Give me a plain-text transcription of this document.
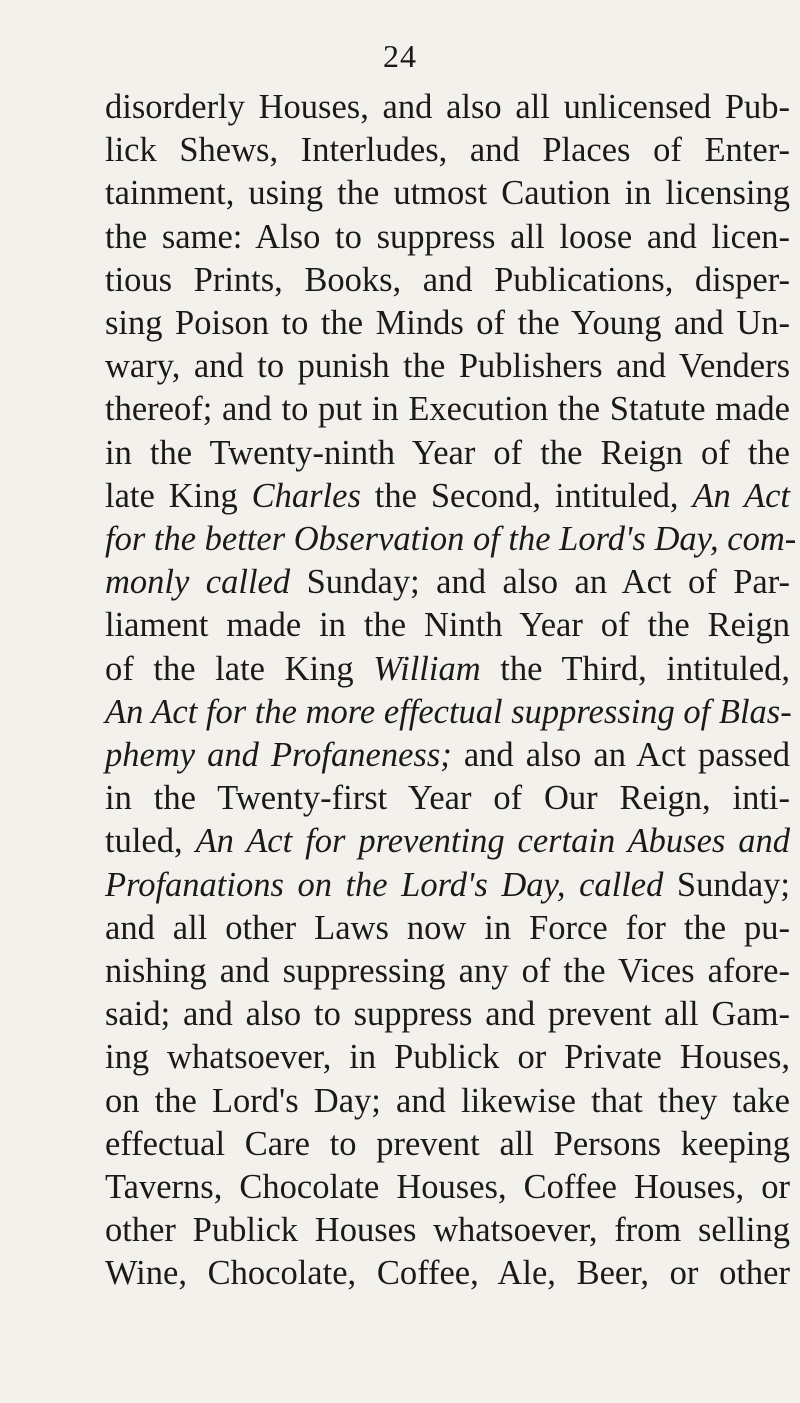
24
disorderly Houses, and also all unlicensed Pub-
lick Shews, Interludes, and Places of Enter-
tainment, using the utmost Caution in licensing
the same: Also to suppress all loose and licen-
tious Prints, Books, and Publications, disper-
sing Poison to the Minds of the Young and Un-
wary, and to punish the Publishers and Venders
thereof; and to put in Execution the Statute made
in the Twenty-ninth Year of the Reign of the
late King Charles the Second, intituled, An Act
for the better Observation of the Lord's Day, com-
monly called Sunday; and also an Act of Par-
liament made in the Ninth Year of the Reign
of the late King William the Third, intituled,
An Act for the more effectual suppressing of Blas-
phemy and Profaneness; and also an Act passed
in the Twenty-first Year of Our Reign, inti-
tuled, An Act for preventing certain Abuses and
Profanations on the Lord's Day, called Sunday;
and all other Laws now in Force for the pu-
nishing and suppressing any of the Vices afore-
said; and also to suppress and prevent all Gam-
ing whatsoever, in Publick or Private Houses,
on the Lord's Day; and likewise that they take
effectual Care to prevent all Persons keeping
Taverns, Chocolate Houses, Coffee Houses, or
other Publick Houses whatsoever, from selling
Wine, Chocolate, Coffee, Ale, Beer, or other
